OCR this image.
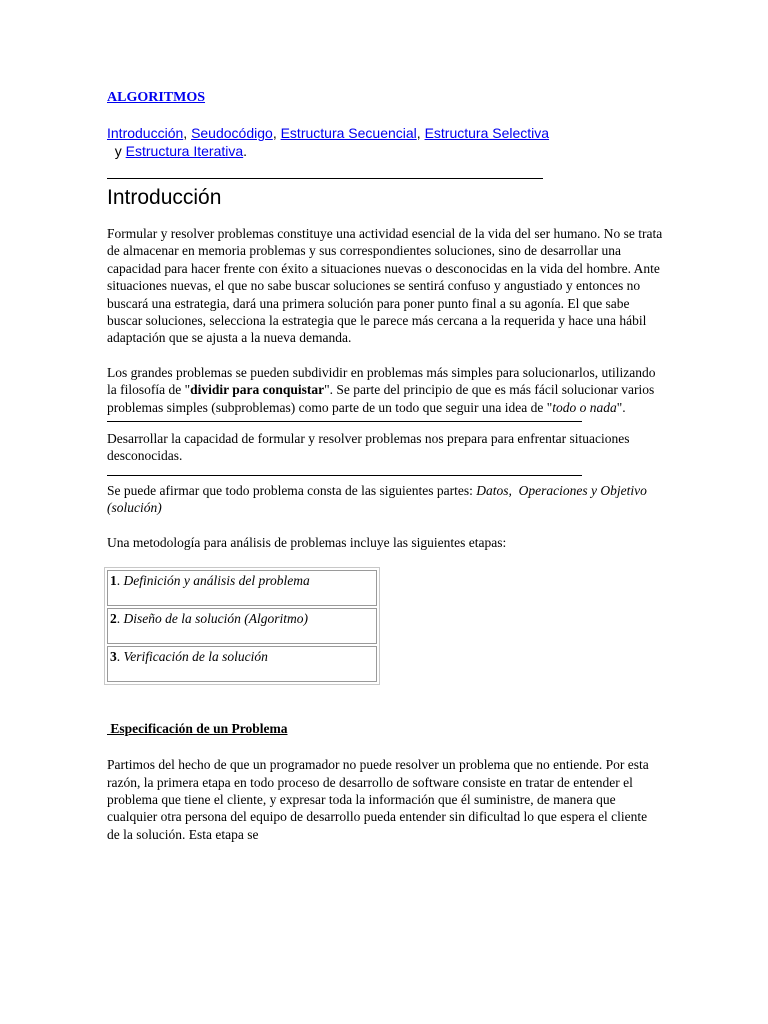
ALGORITMOS
Introducción, Seudocódigo, Estructura Secuencial, Estructura Selectiva  y Estructura Iterativa.
Introducción

Formular y resolver problemas constituye una actividad esencial de la vida del ser humano. No se trata de almacenar en memoria problemas y sus correspondientes soluciones, sino de desarrollar una capacidad para hacer frente con éxito a situaciones nuevas o desconocidas en la vida del hombre. Ante situaciones nuevas, el que no sabe buscar soluciones se sentirá confuso y angustiado y entonces no buscará una estrategia, dará una primera solución para poner punto final a su agonía. El que sabe buscar soluciones, selecciona la estrategia que le parece más cercana a la requerida y hace una hábil adaptación que se ajusta a la nueva demanda.

Los grandes problemas se pueden subdividir en problemas más simples para solucionarlos, utilizando la filosofía de "dividir para conquistar". Se parte del principio de que es más fácil solucionar varios problemas simples (subproblemas) como parte de un todo que seguir una idea de "todo o nada".

Desarrollar la capacidad de formular y resolver problemas nos prepara para enfrentar situaciones desconocidas.

Se puede afirmar que todo problema consta de las siguientes partes: Datos,  Operaciones y Objetivo (solución)

Una metodología para análisis de problemas incluye las siguientes etapas:

1. Definición y análisis del problema
2. Diseño de la solución (Algoritmo)
3. Verificación de la solución
Especificación de un Problema

Partimos del hecho de que un programador no puede resolver un problema que no entiende. Por esta razón, la primera etapa en todo proceso de desarrollo de software consiste en tratar de entender el problema que tiene el cliente, y expresar toda la información que él suministre, de manera que cualquier otra persona del equipo de desarrollo pueda entender sin dificultad lo que espera el cliente de la solución. Esta etapa se
